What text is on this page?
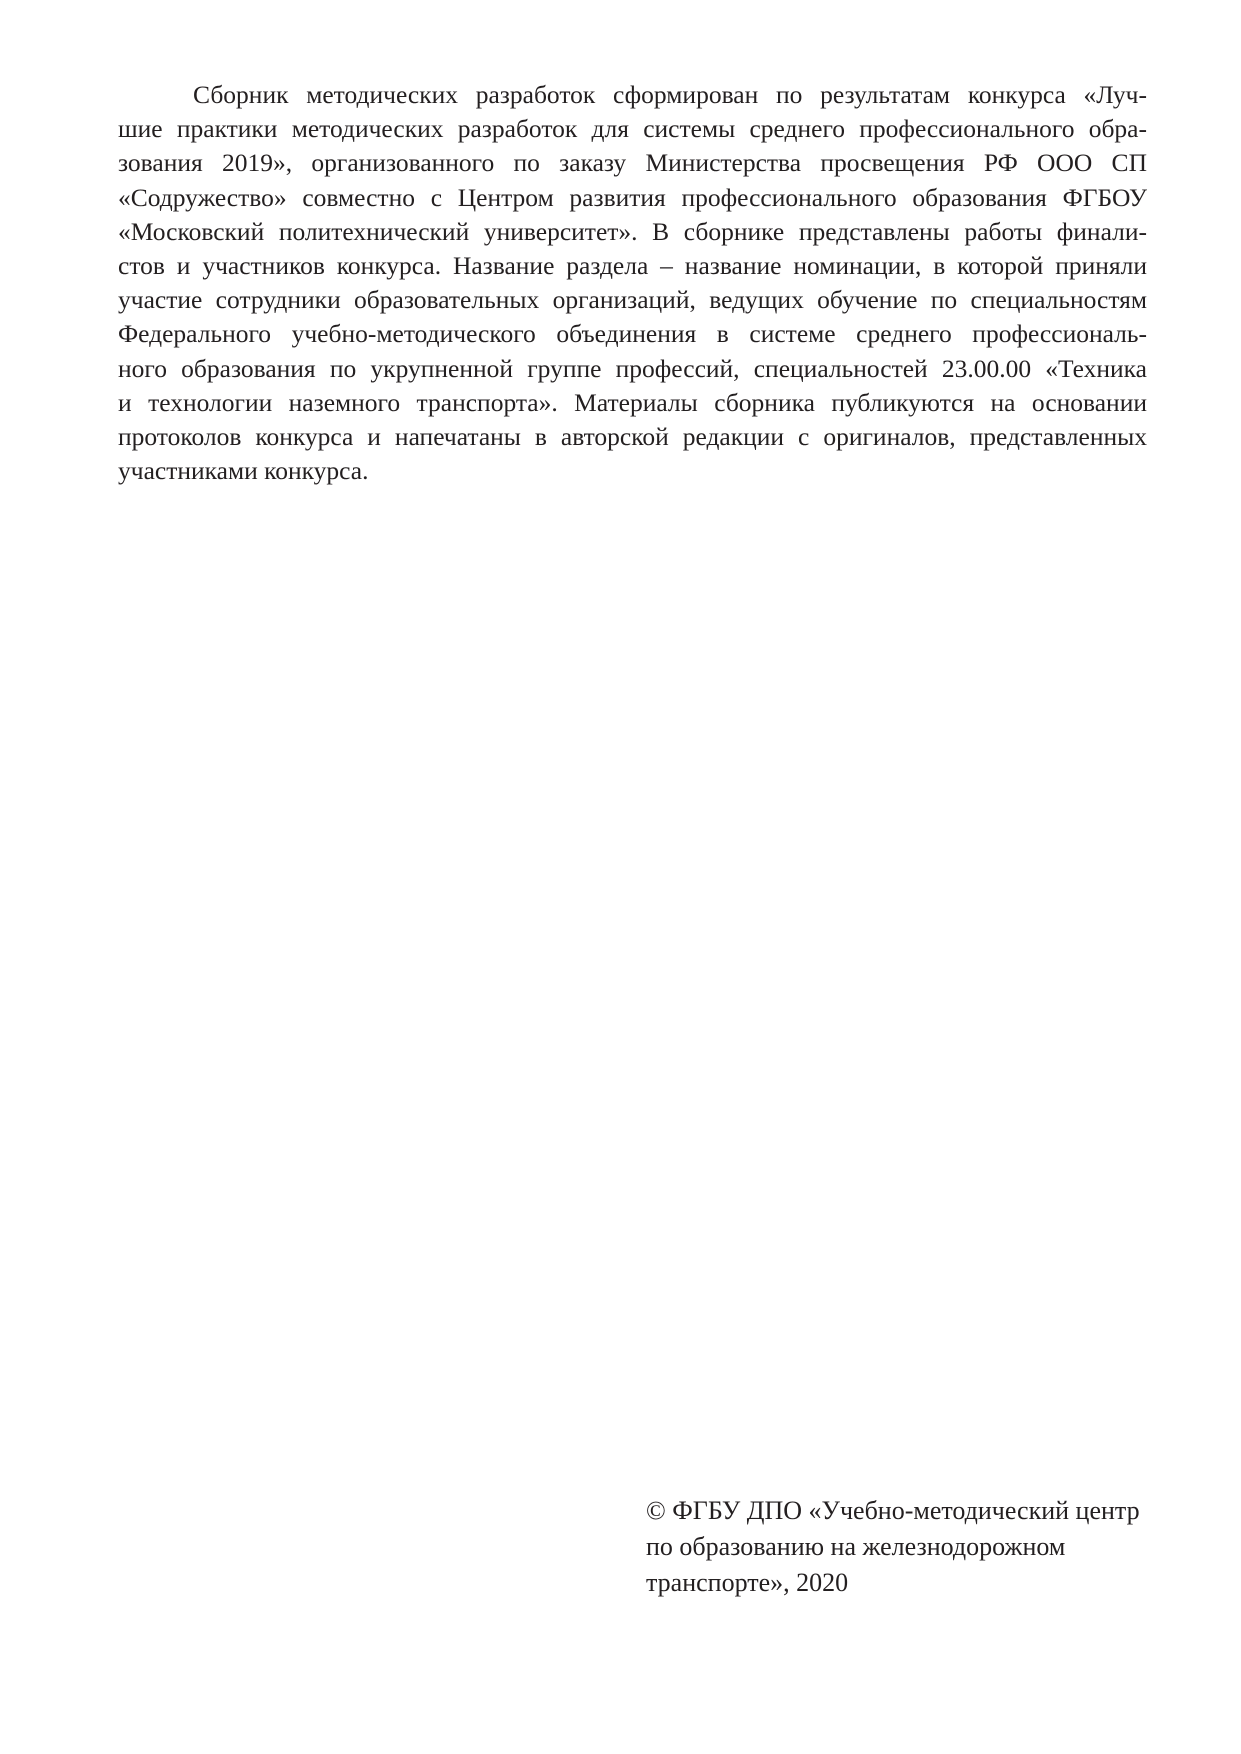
Сборник методических разработок сформирован по результатам конкурса «Луч-
шие практики методических разработок для системы среднего профессионального обра-
зования 2019», организованного по заказу Министерства просвещения РФ ООО СП
«Содружество» совместно с Центром развития профессионального образования ФГБОУ
«Московский политехнический университет». В сборнике представлены работы финали-
стов и участников конкурса. Название раздела – название номинации, в которой приняли
участие сотрудники образовательных организаций, ведущих обучение по специальностям
Федерального учебно-методического объединения в системе среднего профессиональ-
ного образования по укрупненной группе профессий, специальностей 23.00.00 «Техника
и технологии наземного транспорта». Материалы сборника публикуются на основании
протоколов конкурса и напечатаны в авторской редакции с оригиналов, представленных
участниками конкурса.
© ФГБУ ДПО «Учебно-методический центр
по образованию на железнодорожном
транспорте», 2020
